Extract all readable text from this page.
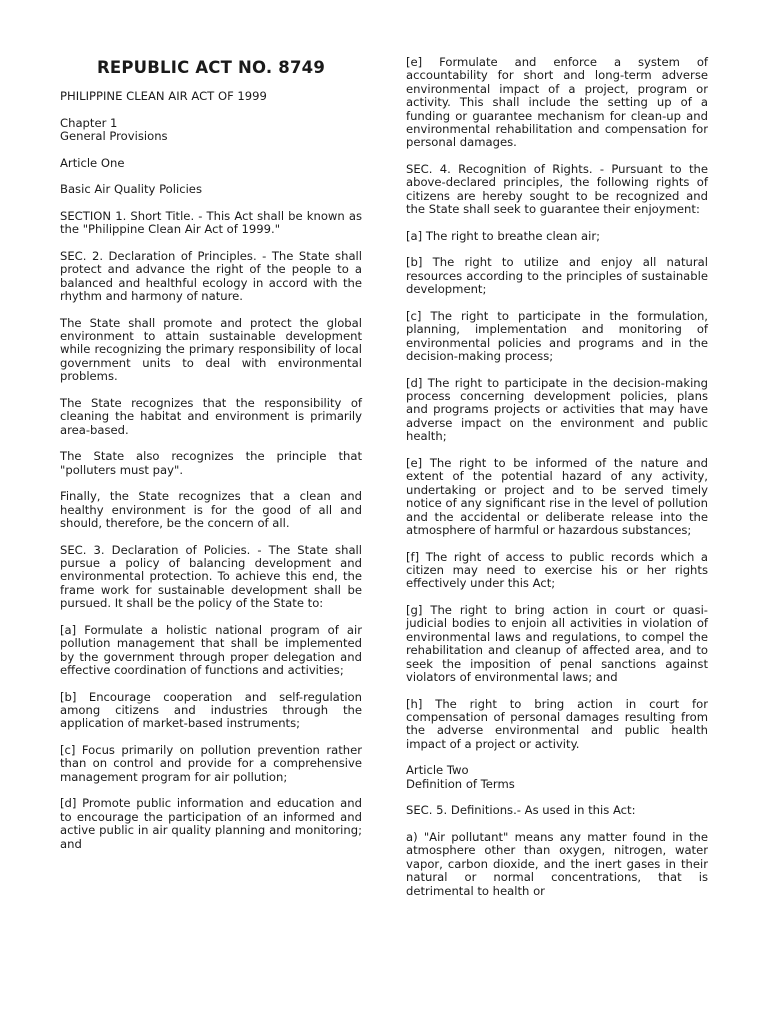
REPUBLIC ACT NO. 8749

PHILIPPINE CLEAN AIR ACT OF 1999

Chapter 1
General Provisions

Article One

Basic Air Quality Policies

SECTION 1. Short Title. - This Act shall be known as the "Philippine Clean Air Act of 1999."

SEC. 2. Declaration of Principles. - The State shall protect and advance the right of the people to a balanced and healthful ecology in accord with the rhythm and harmony of nature.

The State shall promote and protect the global environment to attain sustainable development while recognizing the primary responsibility of local government units to deal with environmental problems.

The State recognizes that the responsibility of cleaning the habitat and environment is primarily area-based.

The State also recognizes the principle that "polluters must pay".

Finally, the State recognizes that a clean and healthy environment is for the good of all and should, therefore, be the concern of all.

SEC. 3. Declaration of Policies. - The State shall pursue a policy of balancing development and environmental protection. To achieve this end, the frame work for sustainable development shall be pursued. It shall be the policy of the State to:

[a] Formulate a holistic national program of air pollution management that shall be implemented by the government through proper delegation and effective coordination of functions and activities;

[b] Encourage cooperation and self-regulation among citizens and industries through the application of market-based instruments;

[c] Focus primarily on pollution prevention rather than on control and provide for a comprehensive management program for air pollution;

[d] Promote public information and education and to encourage the participation of an informed and active public in air quality planning and monitoring; and

[e] Formulate and enforce a system of accountability for short and long-term adverse environmental impact of a project, program or activity. This shall include the setting up of a funding or guarantee mechanism for clean-up and environmental rehabilitation and compensation for personal damages.

SEC. 4. Recognition of Rights. - Pursuant to the above-declared principles, the following rights of citizens are hereby sought to be recognized and the State shall seek to guarantee their enjoyment:

[a] The right to breathe clean air;

[b] The right to utilize and enjoy all natural resources according to the principles of sustainable development;

[c] The right to participate in the formulation, planning, implementation and monitoring of environmental policies and programs and in the decision-making process;

[d] The right to participate in the decision-making process concerning development policies, plans and programs projects or activities that may have adverse impact on the environment and public health;

[e] The right to be informed of the nature and extent of the potential hazard of any activity, undertaking or project and to be served timely notice of any significant rise in the level of pollution and the accidental or deliberate release into the atmosphere of harmful or hazardous substances;

[f] The right of access to public records which a citizen may need to exercise his or her rights effectively under this Act;

[g] The right to bring action in court or quasi-judicial bodies to enjoin all activities in violation of environmental laws and regulations, to compel the rehabilitation and cleanup of affected area, and to seek the imposition of penal sanctions against violators of environmental laws; and

[h] The right to bring action in court for compensation of personal damages resulting from the adverse environmental and public health impact of a project or activity.

Article Two
Definition of Terms

SEC. 5. Definitions.- As used in this Act:

a) "Air pollutant" means any matter found in the atmosphere other than oxygen, nitrogen, water vapor, carbon dioxide, and the inert gases in their natural or normal concentrations, that is detrimental to health or
